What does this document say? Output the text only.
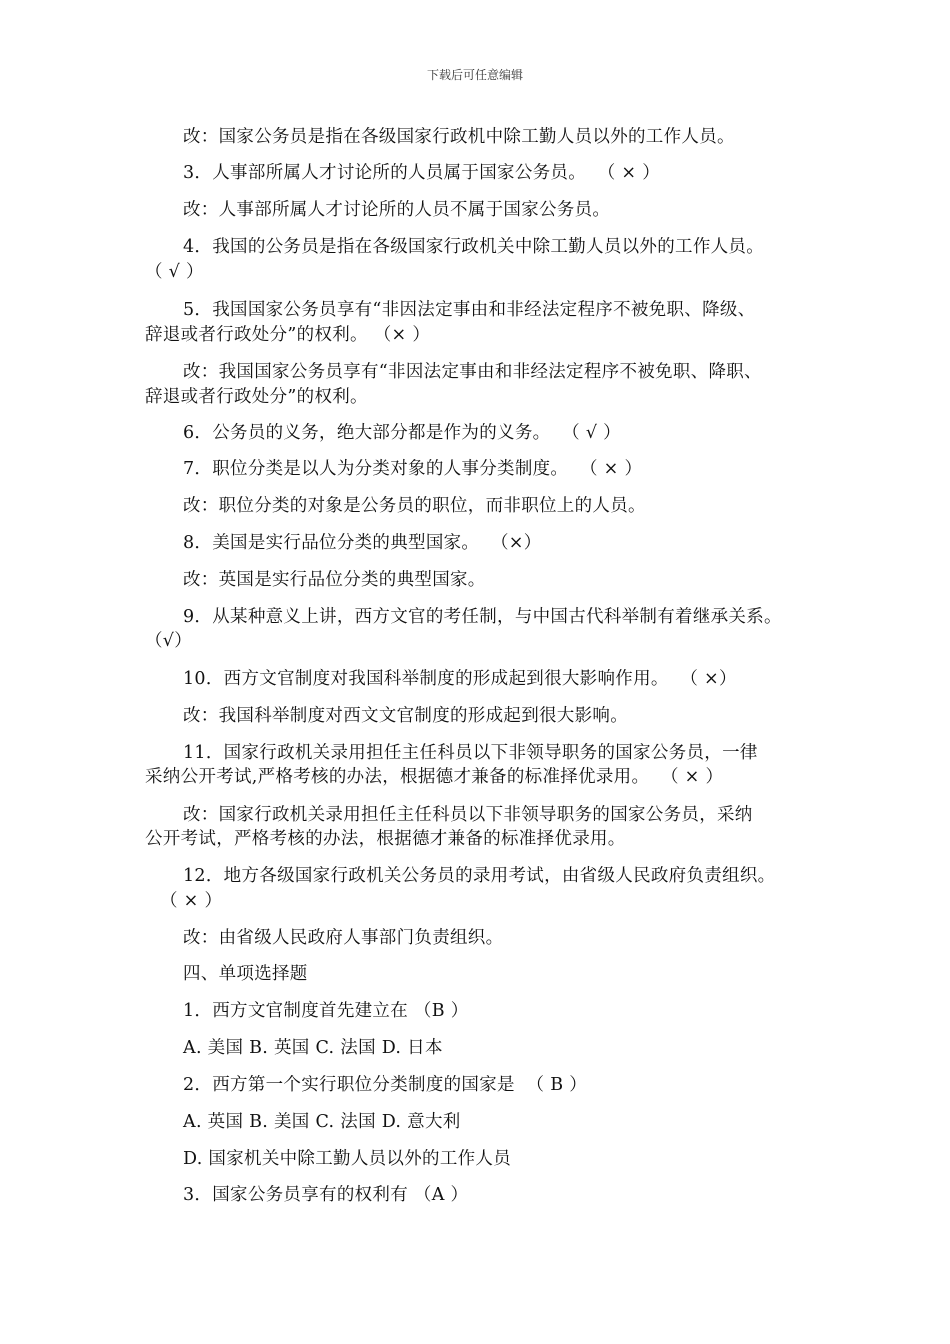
下载后可任意编辑
改：国家公务员是指在各级国家行政机中除工勤人员以外的工作人员。
3．人事部所属人才讨论所的人员属于国家公务员。  （ × ）
改：人事部所属人才讨论所的人员不属于国家公务员。
4．我国的公务员是指在各级国家行政机关中除工勤人员以外的工作人员。
（ √ ）
5．我国国家公务员享有“非因法定事由和非经法定程序不被免职、降级、
辞退或者行政处分”的权利。 （× ）
改：我国国家公务员享有“非因法定事由和非经法定程序不被免职、降职、
辞退或者行政处分”的权利。
6．公务员的义务，绝大部分都是作为的义务。  （ √ ）
7．职位分类是以人为分类对象的人事分类制度。  （ × ）
改：职位分类的对象是公务员的职位，而非职位上的人员。
8．美国是实行品位分类的典型国家。  （×）
改：英国是实行品位分类的典型国家。
9．从某种意义上讲，西方文官的考任制，与中国古代科举制有着继承关系。
（√）
10．西方文官制度对我国科举制度的形成起到很大影响作用。  （ ×）
改：我国科举制度对西文文官制度的形成起到很大影响。
11．国家行政机关录用担任主任科员以下非领导职务的国家公务员，一律
采纳公开考试,严格考核的办法，根据德才兼备的标准择优录用。  （ × ）
改：国家行政机关录用担任主任科员以下非领导职务的国家公务员，采纳
公开考试，严格考核的办法，根据德才兼备的标准择优录用。
12．地方各级国家行政机关公务员的录用考试，由省级人民政府负责组织。
（ × ）
改：由省级人民政府人事部门负责组织。
四、单项选择题
1．西方文官制度首先建立在 （B ）
A. 美国 B. 英国 C. 法国 D. 日本
2．西方第一个实行职位分类制度的国家是  （ B ）
A. 英国 B. 美国 C. 法国 D. 意大利
D. 国家机关中除工勤人员以外的工作人员
3．国家公务员享有的权利有 （A ）
